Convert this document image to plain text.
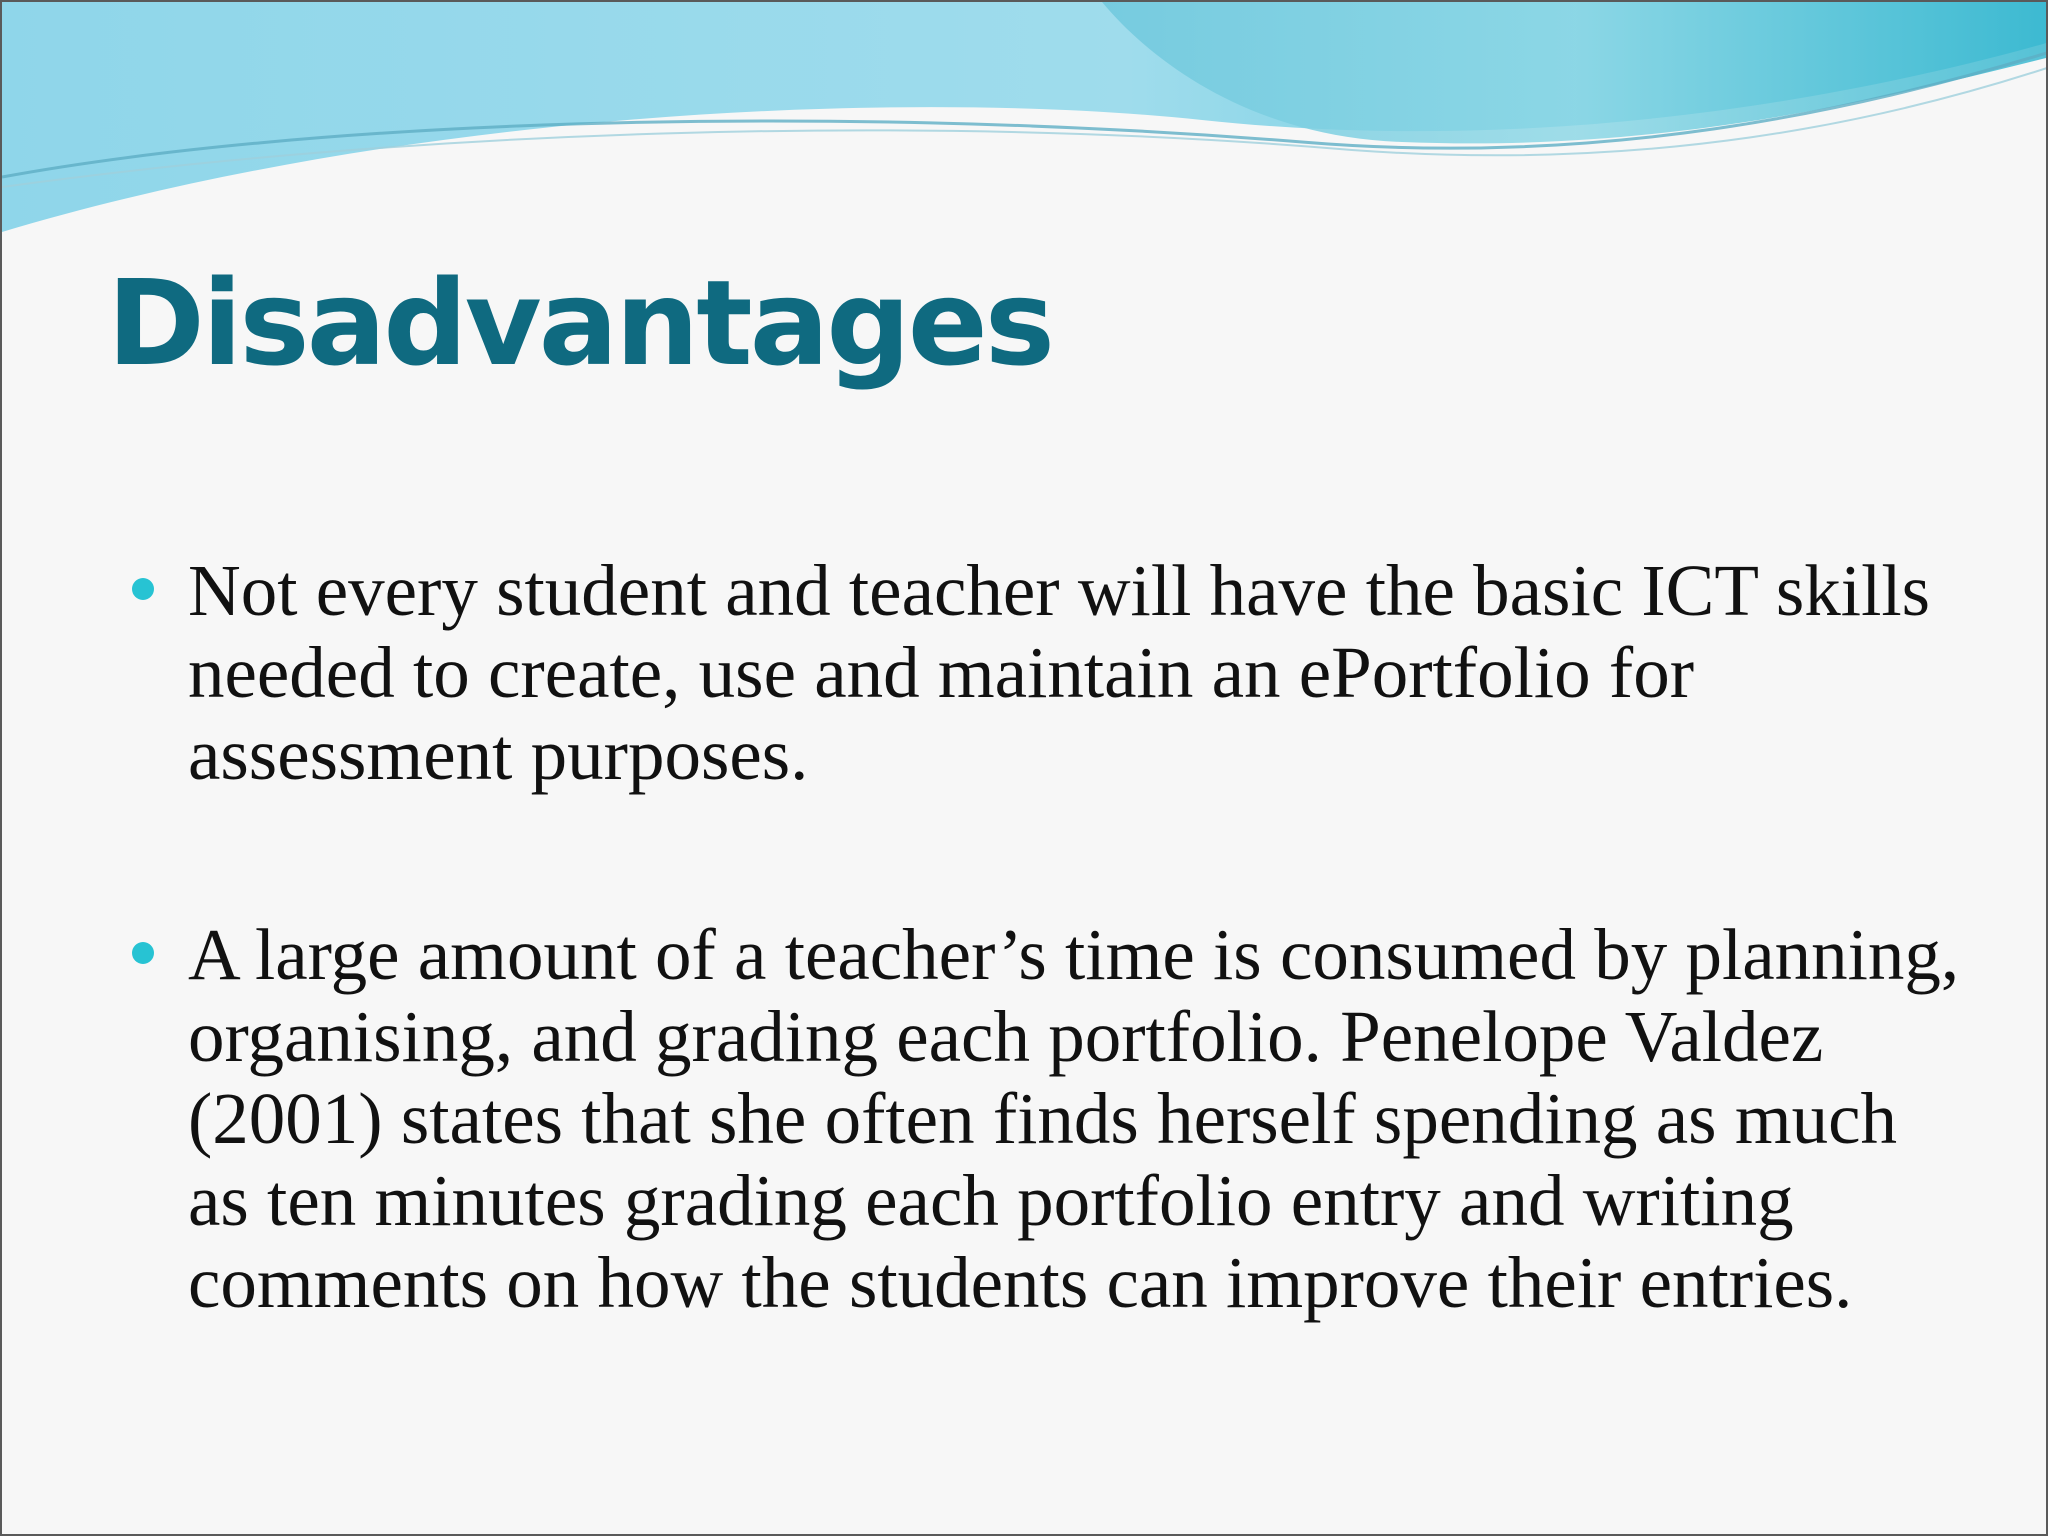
Disadvantages
Not every student and teacher will have the basic ICT skills needed to create, use and maintain an ePortfolio for assessment purposes.
A large amount of a teacher’s time is consumed by planning, organising, and grading each portfolio. Penelope Valdez (2001) states that she often finds herself spending as much as ten minutes grading each portfolio entry and writing comments on how the students can improve their entries.
